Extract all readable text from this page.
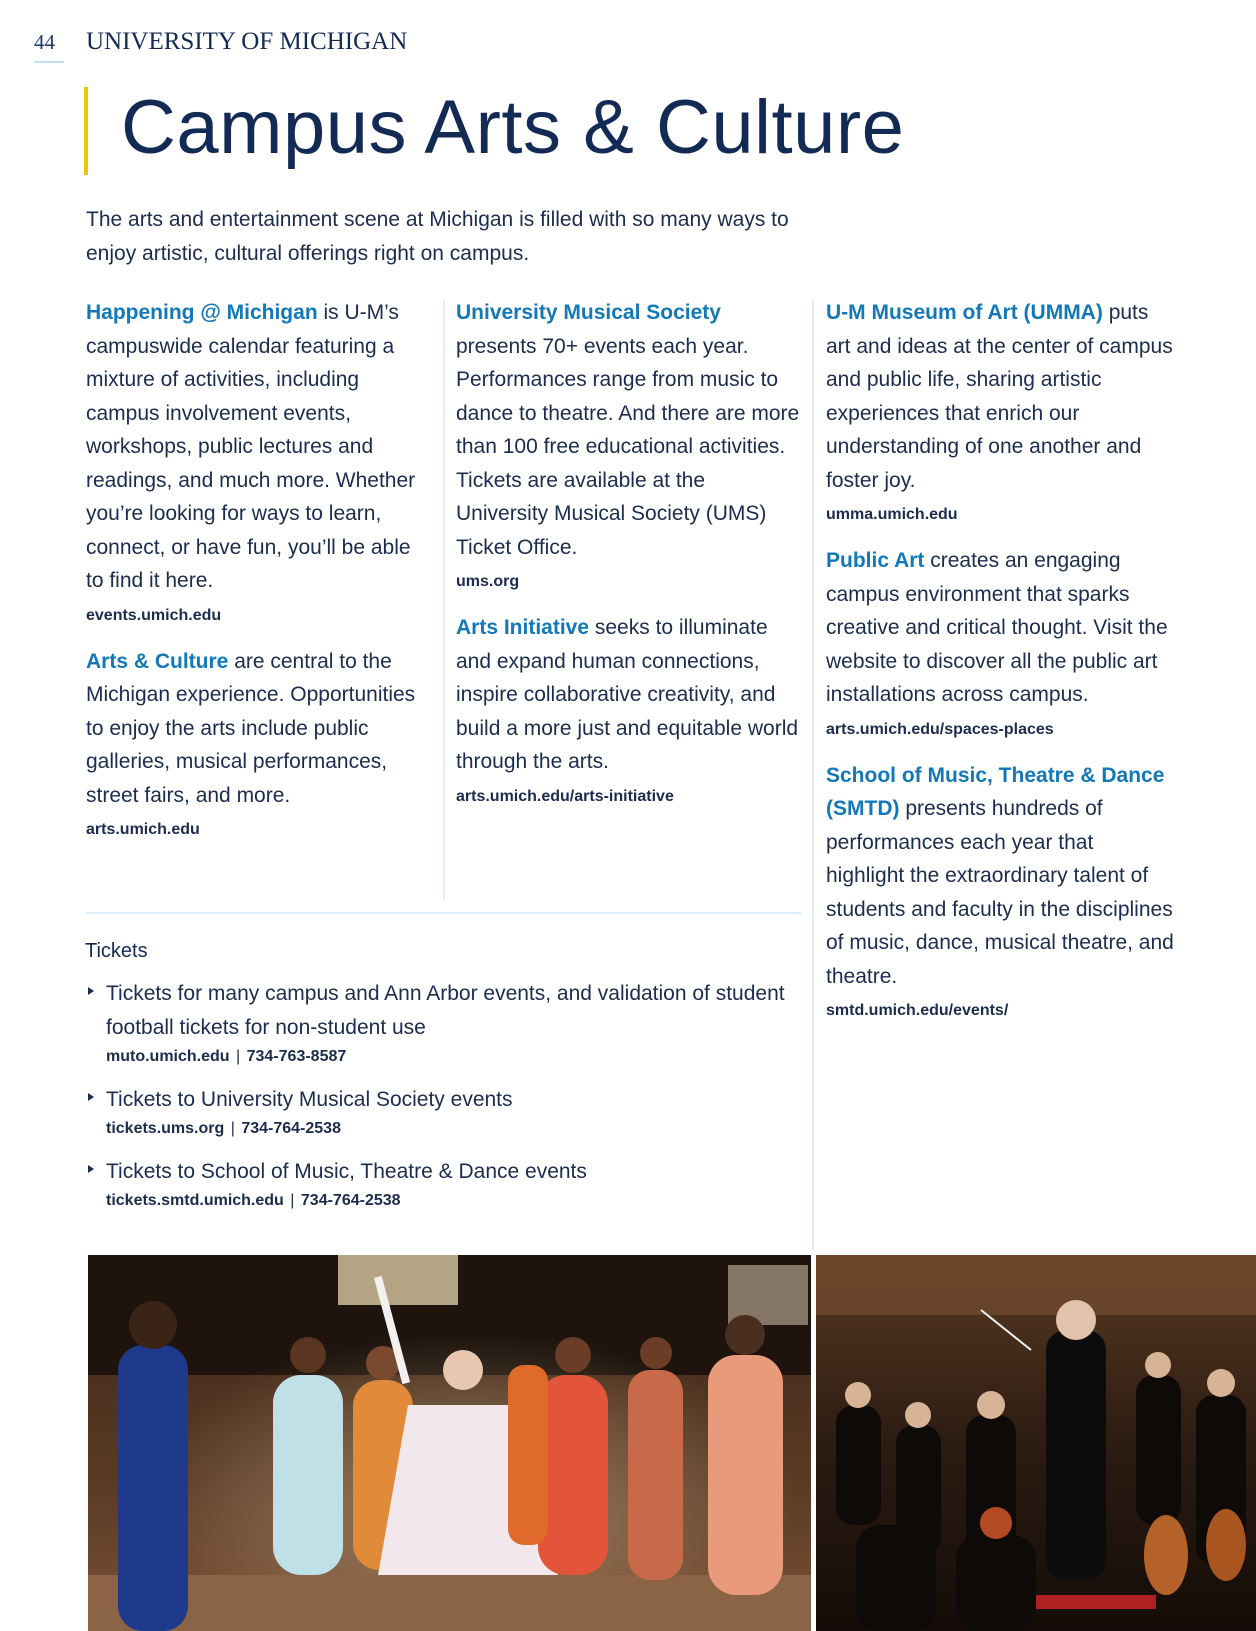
44	UNIVERSITY OF MICHIGAN
Campus Arts & Culture
The arts and entertainment scene at Michigan is filled with so many ways to enjoy artistic, cultural offerings right on campus.

Happening @ Michigan is U-M’s campuswide calendar featuring a mixture of activities, including campus involvement events, workshops, public lectures and readings, and much more. Whether you’re looking for ways to learn, connect, or have fun, you’ll be able to find it here.

events.umich.edu

Arts & Culture are central to the Michigan experience. Opportunities to enjoy the arts include public galleries, musical performances, street fairs, and more.

arts.umich.edu

University Musical Society presents 70+ events each year. Performances range from music to dance to theatre. And there are more than 100 free educational activities. Tickets are available at the University Musical Society (UMS) Ticket Office.

ums.org

Arts Initiative seeks to illuminate and expand human connections, inspire collaborative creativity, and build a more just and equitable world through the arts.

arts.umich.edu/arts-initiative

U-M Museum of Art (UMMA) puts art and ideas at the center of campus and public life, sharing artistic experiences that enrich our understanding of one another and foster joy.

umma.umich.edu

Public Art creates an engaging campus environment that sparks creative and critical thought. Visit the website to discover all the public art installations across campus.

arts.umich.edu/spaces-places

School of Music, Theatre & Dance (SMTD) presents hundreds of performances each year that highlight the extraordinary talent of students and faculty in the disciplines of music, dance, musical theatre, and theatre.

smtd.umich.edu/events/
Tickets
Tickets for many campus and Ann Arbor events, and validation of student football tickets for non-student use
muto.umich.edu | 734-763-8587
Tickets to University Musical Society events
tickets.ums.org | 734-764-2538
Tickets to School of Music, Theatre & Dance events
tickets.smtd.umich.edu | 734-764-2538
